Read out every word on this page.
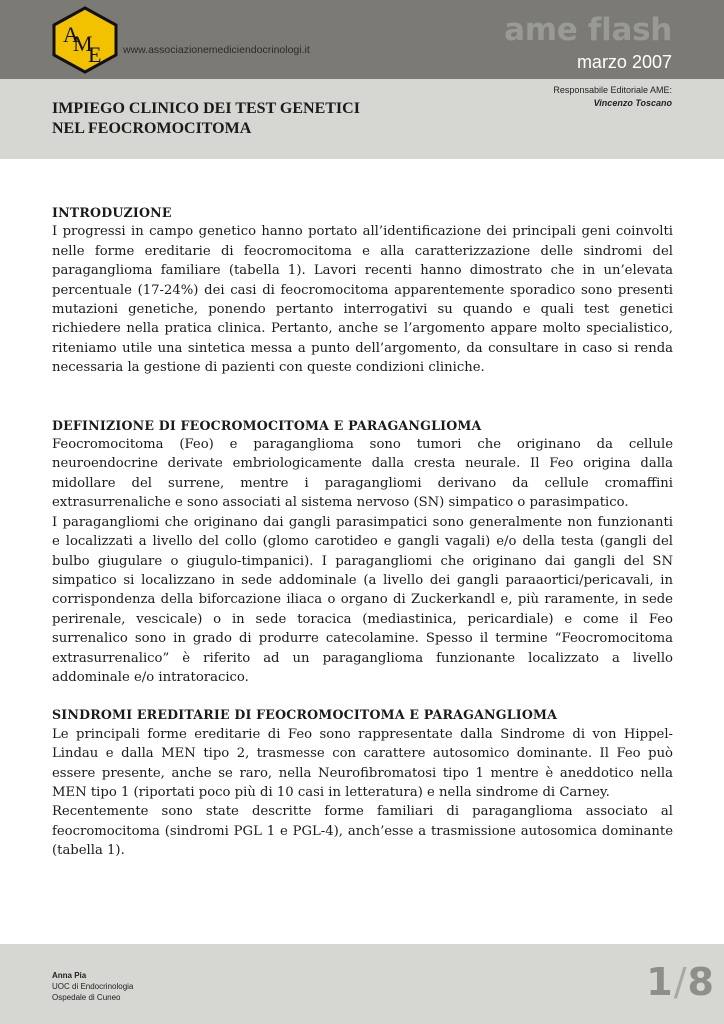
A
M
E www.associazionemediciendocrinologi.it
ame flash
marzo 2007
Responsabile Editoriale AME:
Vincenzo Toscano
IMPIEGO CLINICO DEI TEST GENETICI
NEL FEOCROMOCITOMA
INTRODUZIONE

I progressi in campo genetico hanno portato all’identificazione dei principali geni coinvolti nelle forme ereditarie di feocromocitoma e alla caratterizzazione delle sindromi del paraganglioma familiare (tabella 1). Lavori recenti hanno dimostrato che in un’elevata percentuale (17-24%) dei casi di feocromocitoma apparentemente sporadico sono presenti mutazioni genetiche, ponendo pertanto interrogativi su quando e quali test genetici richiedere nella pratica clinica. Pertanto, anche se l’argomento appare molto specialistico, riteniamo utile una sintetica messa a punto dell’argomento, da consultare in caso si renda necessaria la gestione di pazienti con queste condizioni cliniche.

DEFINIZIONE DI FEOCROMOCITOMA E PARAGANGLIOMA

Feocromocitoma (Feo) e paraganglioma sono tumori che originano da cellule neuroendocrine derivate embriologicamente dalla cresta neurale. Il Feo origina dalla midollare del surrene, mentre i paragangliomi derivano da cellule cromaffini extrasurrenaliche e sono associati al sistema nervoso (SN) simpatico o parasimpatico.

I paragangliomi che originano dai gangli parasimpatici sono generalmente non funzionanti e localizzati a livello del collo (glomo carotideo e gangli vagali) e/o della testa (gangli del bulbo giugulare o giugulo-timpanici). I paragangliomi che originano dai gangli del SN simpatico si localizzano in sede addominale (a livello dei gangli paraaortici/pericavali, in corrispondenza della biforcazione iliaca o organo di Zuckerkandl e, più raramente, in sede perirenale, vescicale) o in sede toracica (mediastinica, pericardiale) e come il Feo surrenalico sono in grado di produrre catecolamine. Spesso il termine “Feocromocitoma extrasurrenalico” è riferito ad un paraganglioma funzionante localizzato a livello addominale e/o intratoracico.

SINDROMI EREDITARIE DI FEOCROMOCITOMA E PARAGANGLIOMA

Le principali forme ereditarie di Feo sono rappresentate dalla Sindrome di von Hippel-Lindau e dalla MEN tipo 2, trasmesse con carattere autosomico dominante. Il Feo può essere presente, anche se raro, nella Neurofibromatosi tipo 1 mentre è aneddotico nella MEN tipo 1 (riportati poco più di 10 casi in letteratura) e nella sindrome di Carney.

Recentemente sono state descritte forme familiari di paraganglioma associato al feocromocitoma (sindromi PGL 1 e PGL-4), anch’esse a trasmissione autosomica dominante (tabella 1).

Anna Pia
UOC di Endocrinologia
Ospedale di Cuneo	1/8
